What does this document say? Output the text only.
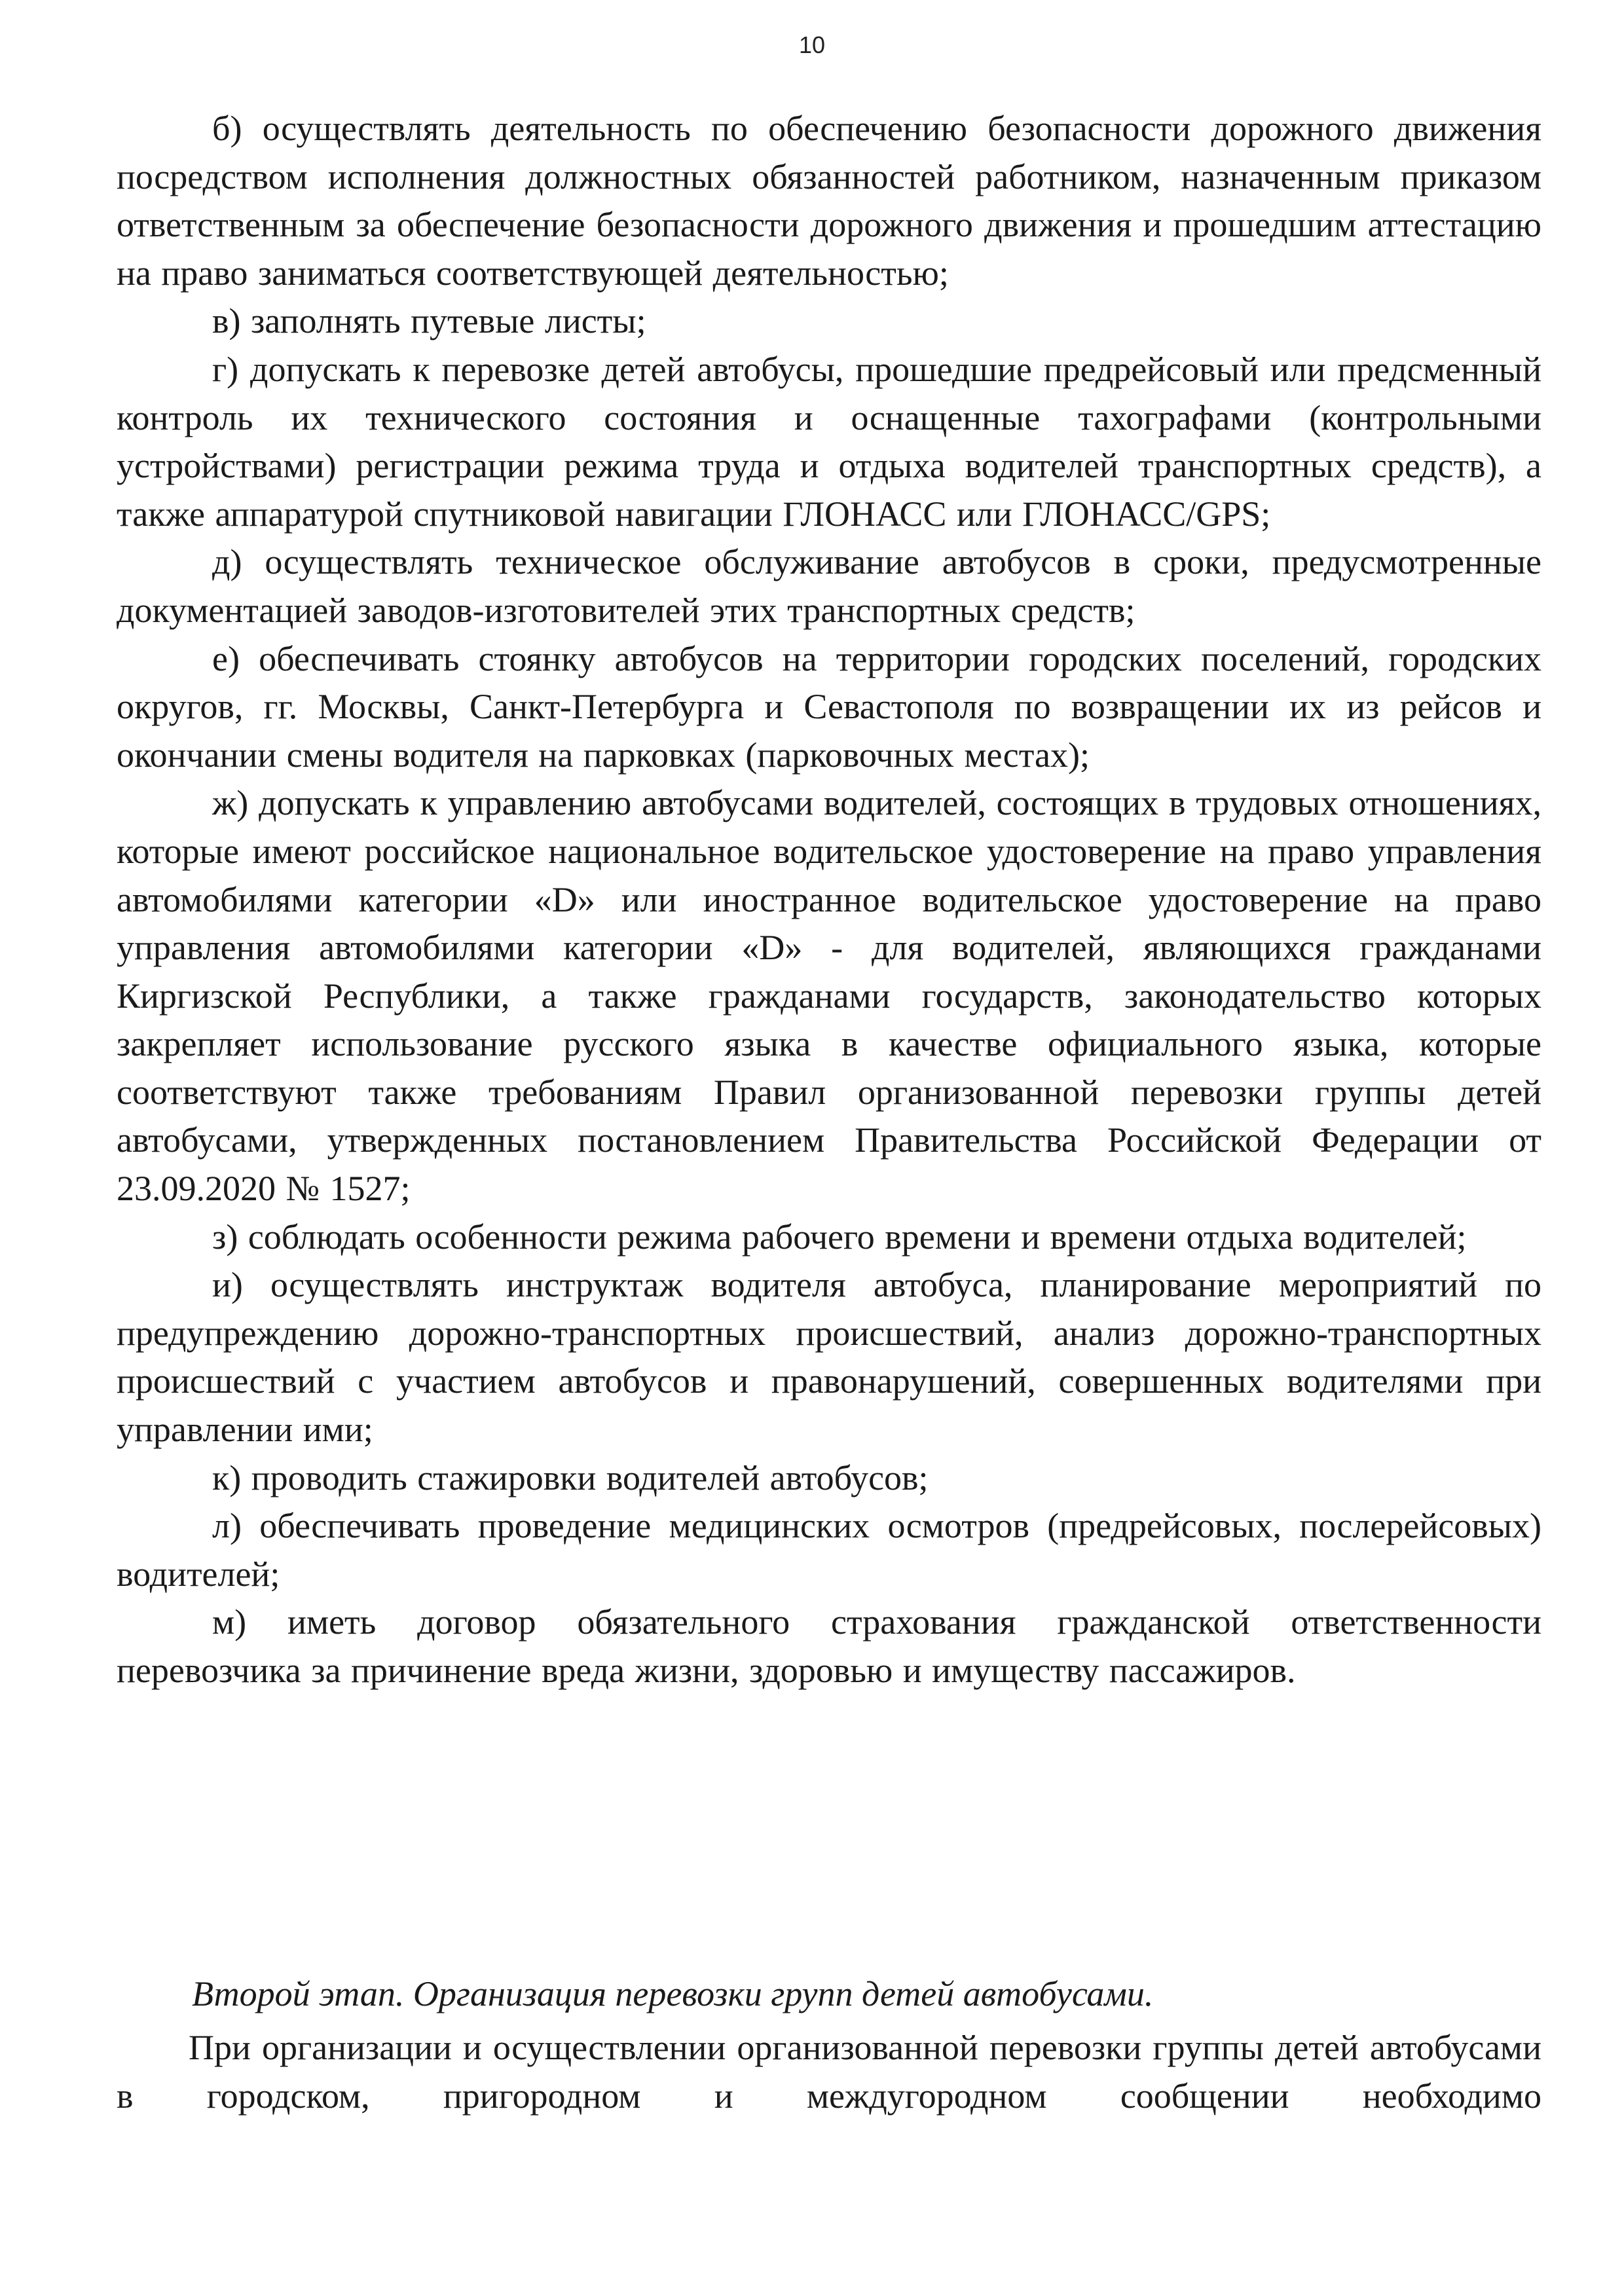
10

б) осуществлять деятельность по обеспечению безопасности дорожного движения посредством исполнения должностных обязанностей работником, назначенным приказом ответственным за обеспечение безопасности дорожного движения и прошедшим аттестацию на право заниматься соответствующей деятельностью;

в) заполнять путевые листы;

г) допускать к перевозке детей автобусы, прошедшие предрейсовый или предсменный контроль их технического состояния и оснащенные тахографами (контрольными устройствами) регистрации режима труда и отдыха водителей транспортных средств), а также аппаратурой спутниковой навигации ГЛОНАСС или ГЛОНАСС/GPS;

д) осуществлять техническое обслуживание автобусов в сроки, предусмотренные документацией заводов-изготовителей этих транспортных средств;

е) обеспечивать стоянку автобусов на территории городских поселений, городских округов, гг. Москвы, Санкт-Петербурга и Севастополя по возвращении их из рейсов и окончании смены водителя на парковках (парковочных местах);

ж) допускать к управлению автобусами водителей, состоящих в трудовых отношениях, которые имеют российское национальное водительское удостоверение на право управления автомобилями категории «D» или иностранное водительское удостоверение на право управления автомобилями категории «D» - для водителей, являющихся гражданами Киргизской Республики, а также гражданами государств, законодательство которых закрепляет использование русского языка в качестве официального языка, которые соответствуют также требованиям Правил организованной перевозки группы детей автобусами, утвержденных постановлением Правительства Российской Федерации от 23.09.2020 № 1527;

з) соблюдать особенности режима рабочего времени и времени отдыха водителей;

и) осуществлять инструктаж водителя автобуса, планирование мероприятий по предупреждению дорожно-транспортных происшествий, анализ дорожно-транспортных происшествий с участием автобусов и правонарушений, совершенных водителями при управлении ими;

к) проводить стажировки водителей автобусов;

л) обеспечивать проведение медицинских осмотров (предрейсовых, послерейсовых) водителей;

м) иметь договор обязательного страхования гражданской ответственности перевозчика за причинение вреда жизни, здоровью и имуществу пассажиров.

Второй этап. Организация перевозки групп детей автобусами.

При организации и осуществлении организованной перевозки группы детей автобусами в городском, пригородном и междугородном сообщении необходимо
